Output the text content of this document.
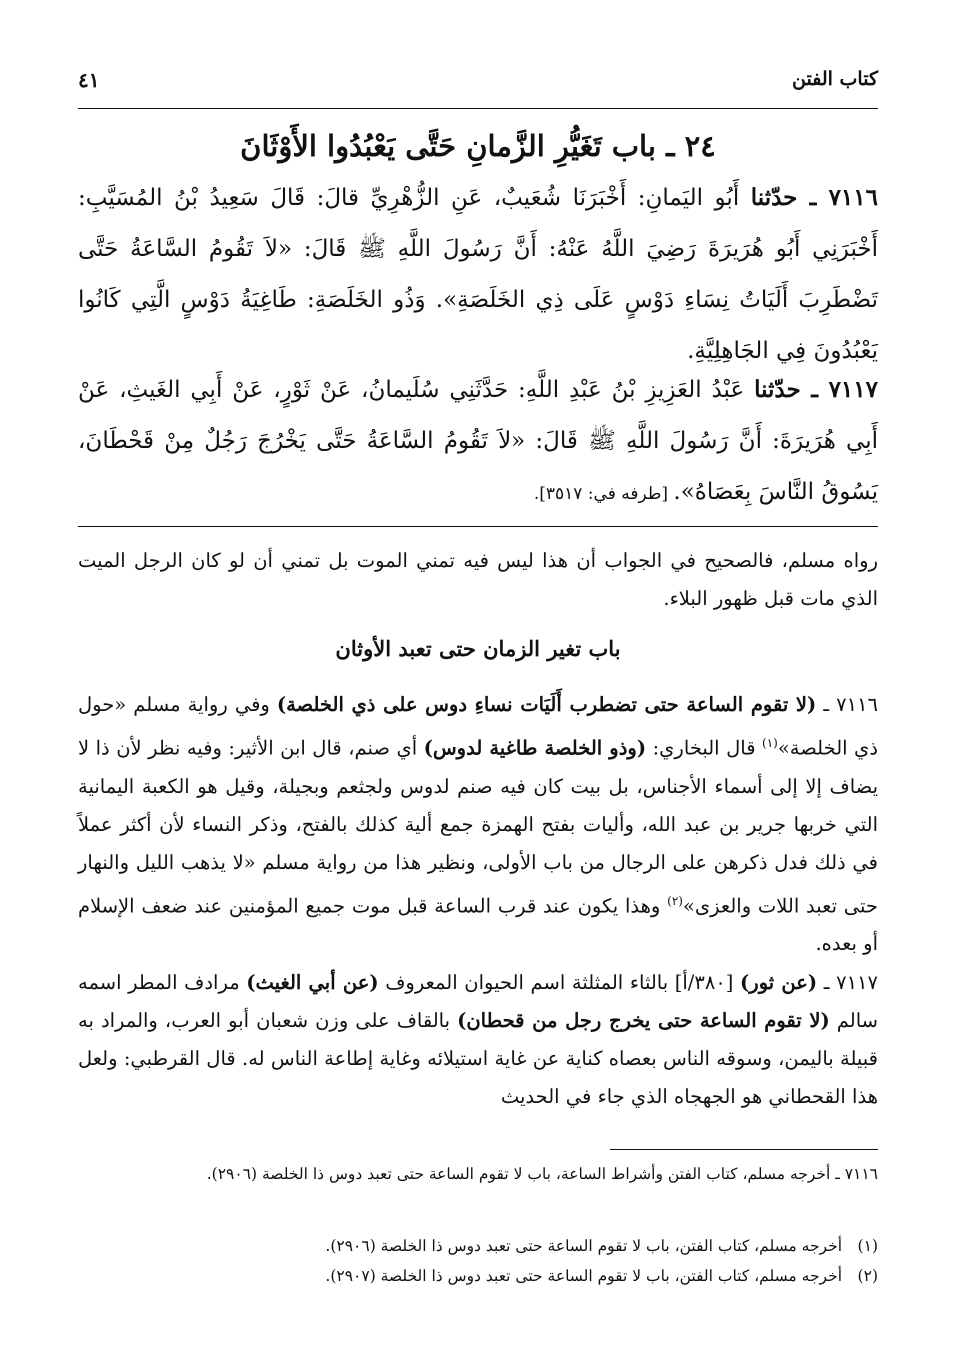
كتاب الفتن
٤١
٢٤ ـ باب تَغَيُّرِ الزَّمانِ حَتَّى يَعْبُدُوا الأَوْثَانَ
٧١١٦ ـ حدّثنا أَبُو اليَمانِ: أَخْبَرَنَا شُعَيبٌ، عَنِ الزُّهْرِيِّ قالَ: قَالَ سَعِيدُ بْنُ المُسَيَّبِ: أَخْبَرَنِي أَبُو هُرَيرَةَ رَضِيَ اللَّهُ عَنْهُ: أَنَّ رَسُولَ اللَّهِ ﷺ قَالَ: «لاَ تَقُومُ السَّاعَةُ حَتَّى تَضْطَرِبَ أَلَيَاتُ نِسَاءِ دَوْسٍ عَلَى ذِي الخَلَصَةِ». وَذُو الخَلَصَةِ: طَاغِيَةُ دَوْسٍ الَّتِي كَانُوا يَعْبُدُونَ فِي الجَاهِلِيَّةِ.
٧١١٧ ـ حدّثنا عَبْدُ العَزِيزِ بْنُ عَبْدِ اللَّهِ: حَدَّثَنِي سُلَيمانُ، عَنْ ثَوْرٍ، عَنْ أَبِي الغَيثِ، عَنْ أَبِي هُرَيرَةَ: أَنَّ رَسُولَ اللَّهِ ﷺ قَالَ: «لاَ تَقُومُ السَّاعَةُ حَتَّى يَخْرُجَ رَجُلٌ مِنْ قَحْطَانَ، يَسُوقُ النَّاسَ بِعَصَاهُ». [طرفه في: ٣٥١٧].
رواه مسلم، فالصحيح في الجواب أن هذا ليس فيه تمني الموت بل تمني أن لو كان الرجل الميت الذي مات قبل ظهور البلاء.
باب تغير الزمان حتى تعبد الأوثان
٧١١٦ ـ (لا تقوم الساعة حتى تضطرب أَلَيَات نساءِ دوس على ذي الخلصة) وفي رواية مسلم «حول ذي الخلصة»$^{(١)}$ قال البخاري: (وذو الخلصة طاغية لدوس) أي صنم، قال ابن الأثير: وفيه نظر لأن ذا لا يضاف إلا إلى أسماء الأجناس، بل بيت كان فيه صنم لدوس ولجثعم وبجيلة، وقيل هو الكعبة اليمانية التي خربها جرير بن عبد الله، وأليات بفتح الهمزة جمع ألية كذلك بالفتح، وذكر النساء لأن أكثر عملاً في ذلك فدل ذكرهن على الرجال من باب الأولى، ونظير هذا من رواية مسلم «لا يذهب الليل والنهار حتى تعبد اللات والعزى»$^{(٢)}$ وهذا يكون عند قرب الساعة قبل موت جميع المؤمنين عند ضعف الإسلام أو بعده.
٧١١٧ ـ (عن ثور) [٣٨٠/أ] بالثاء المثلثة اسم الحيوان المعروف (عن أبي الغيث) مرادف المطر اسمه سالم (لا تقوم الساعة حتى يخرج رجل من قحطان) بالقاف على وزن شعبان أبو العرب، والمراد به قبيلة باليمن، وسوقه الناس بعصاه كناية عن غاية استيلائه وغاية إطاعة الناس له. قال القرطبي: ولعل هذا القحطاني هو الجهجاه الذي جاء في الحديث
٧١١٦ ـ أخرجه مسلم، كتاب الفتن وأشراط الساعة، باب لا تقوم الساعة حتى تعبد دوس ذا الخلصة (٢٩٠٦).
(١)أخرجه مسلم، كتاب الفتن، باب لا تقوم الساعة حتى تعبد دوس ذا الخلصة (٢٩٠٦).
(٢)أخرجه مسلم، كتاب الفتن، باب لا تقوم الساعة حتى تعبد دوس ذا الخلصة (٢٩٠٧).
